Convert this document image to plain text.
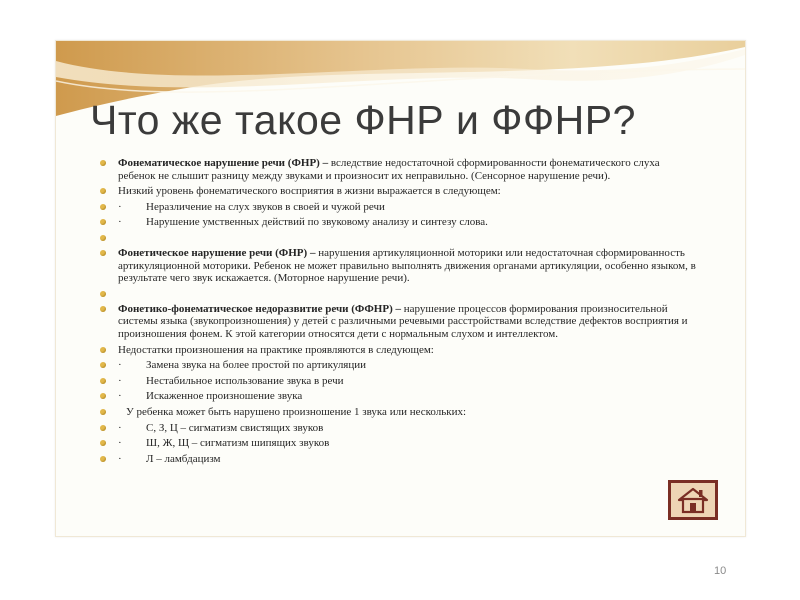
Что же такое ФНР и ФФНР?
Фонематическое нарушение речи (ФНР) – вследствие недостаточной сформированности фонематического слуха ребенок не слышит разницу между звуками и произносит их неправильно. (Сенсорное нарушение речи).
Низкий уровень фонематического восприятия в жизни выражается в следующем:
· Неразличение на слух звуков в своей и чужой речи
· Нарушение умственных действий по звуковому анализу и синтезу слова.
Фонетическое нарушение речи (ФНР) – нарушения артикуляционной моторики или недостаточная сформированность артикуляционной моторики. Ребенок не может правильно выполнять движения органами артикуляции, особенно языком, в результате чего звук искажается. (Моторное нарушение речи).
Фонетико-фонематическое недоразвитие речи (ФФНР) – нарушение процессов формирования произносительной системы языка (звукопроизношения) у детей с различными речевыми расстройствами вследствие дефектов восприятия и произношения фонем. К этой категории относятся дети с нормальным слухом и интеллектом.
Недостатки произношения на практике проявляются в следующем:
· Замена звука на более простой по артикуляции
· Нестабильное использование звука в речи
· Искаженное произношение звука
У ребенка может быть нарушено произношение 1 звука или нескольких:
· С, З, Ц – сигматизм свистящих звуков
· Ш, Ж, Щ – сигматизм шипящих звуков
· Л – ламбдацизм
10
